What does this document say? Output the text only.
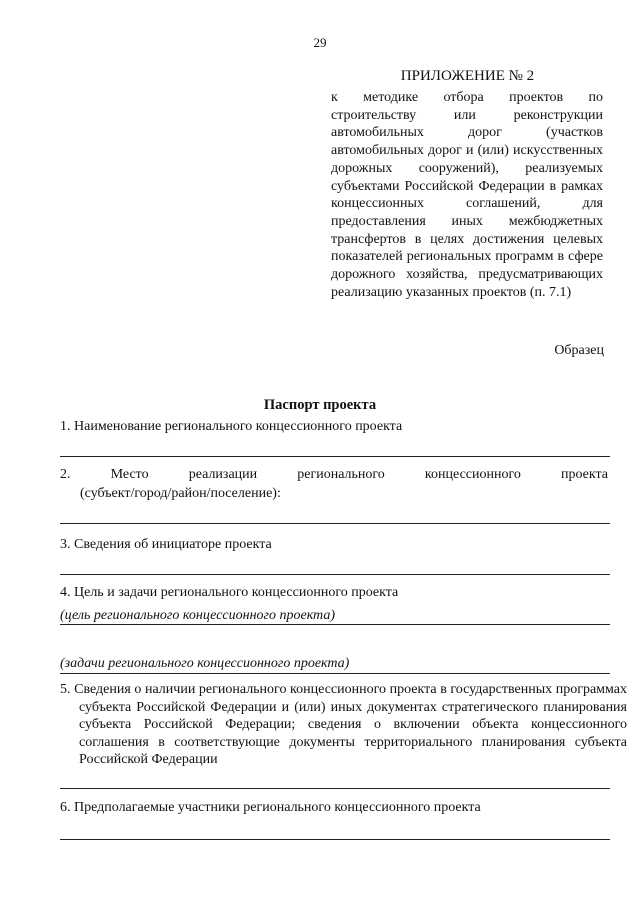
29
ПРИЛОЖЕНИЕ № 2
к методике отбора проектов по строительству или реконструкции автомобильных дорог (участков автомобильных дорог и (или) искусственных дорожных сооружений), реализуемых субъектами Российской Федерации в рамках концессионных соглашений, для предоставления иных межбюджетных трансфертов в целях достижения целевых показателей региональных программ в сфере дорожного хозяйства, предусматривающих реализацию указанных проектов (п. 7.1)
Образец
Паспорт проекта
1. Наименование регионального концессионного проекта
2. Место реализации регионального концессионного проекта
(субъект/город/район/поселение):
3. Сведения об инициаторе проекта
4. Цель и задачи регионального концессионного проекта
(цель регионального концессионного проекта)
(задачи регионального концессионного проекта)
5. Сведения о наличии регионального концессионного проекта в государственных программах субъекта Российской Федерации и (или) иных документах стратегического планирования субъекта Российской Федерации; сведения о включении объекта концессионного соглашения в соответствующие документы территориального планирования субъекта Российской Федерации
6. Предполагаемые участники регионального концессионного проекта
